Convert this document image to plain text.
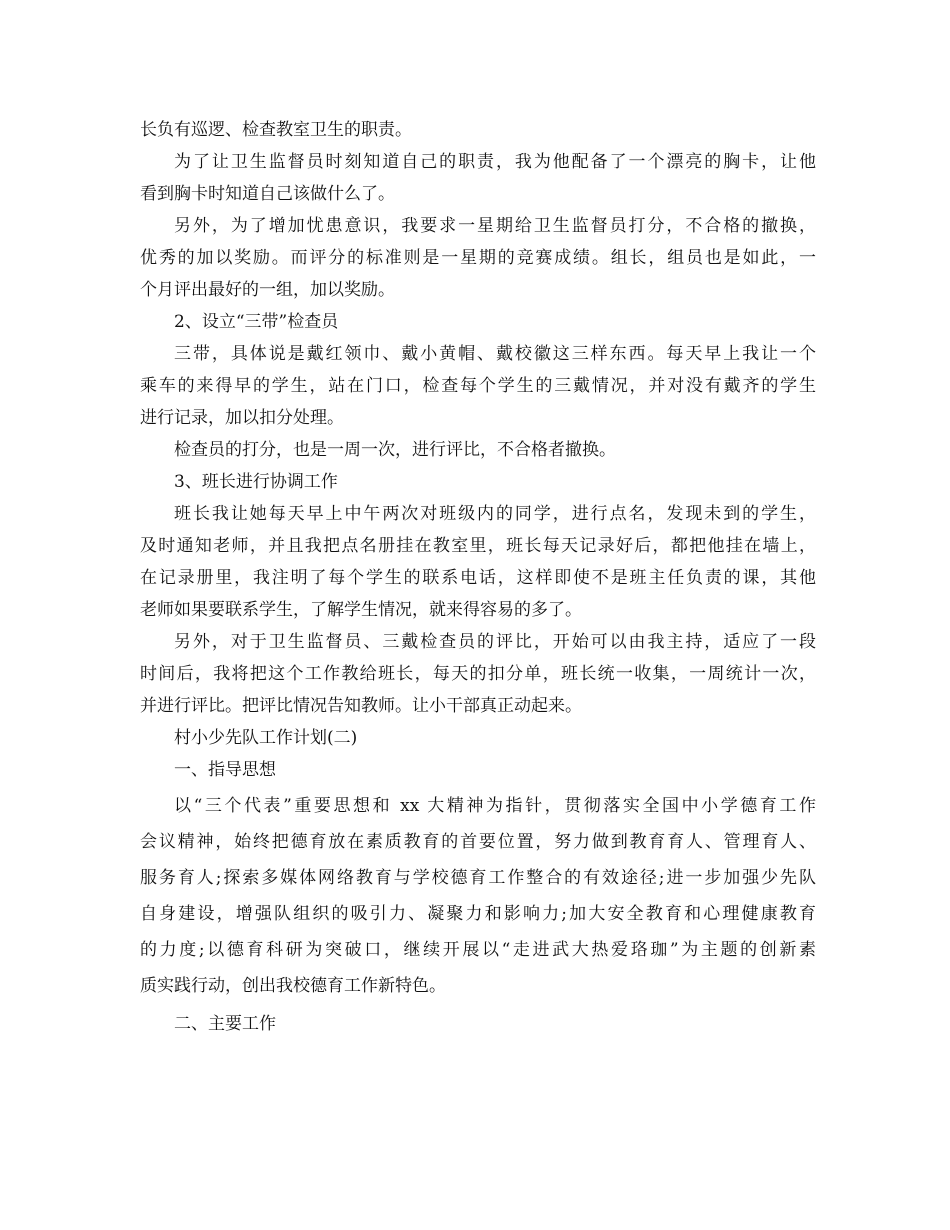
长负有巡逻、检查教室卫生的职责。
为了让卫生监督员时刻知道自己的职责，我为他配备了一个漂亮的胸卡，让他
看到胸卡时知道自己该做什么了。
另外，为了增加忧患意识，我要求一星期给卫生监督员打分，不合格的撤换，
优秀的加以奖励。而评分的标准则是一星期的竞赛成绩。组长，组员也是如此，一
个月评出最好的一组，加以奖励。
2、设立“三带”检查员
三带，具体说是戴红领巾、戴小黄帽、戴校徽这三样东西。每天早上我让一个
乘车的来得早的学生，站在门口，检查每个学生的三戴情况，并对没有戴齐的学生
进行记录，加以扣分处理。
检查员的打分，也是一周一次，进行评比，不合格者撤换。
3、班长进行协调工作
班长我让她每天早上中午两次对班级内的同学，进行点名，发现未到的学生，
及时通知老师，并且我把点名册挂在教室里，班长每天记录好后，都把他挂在墙上，
在记录册里，我注明了每个学生的联系电话，这样即使不是班主任负责的课，其他
老师如果要联系学生，了解学生情况，就来得容易的多了。
另外，对于卫生监督员、三戴检查员的评比，开始可以由我主持，适应了一段
时间后，我将把这个工作教给班长，每天的扣分单，班长统一收集，一周统计一次，
并进行评比。把评比情况告知教师。让小干部真正动起来。
村小少先队工作计划(二)
一、指导思想
以“三个代表”重要思想和 xx 大精神为指针，贯彻落实全国中小学德育工作
会议精神，始终把德育放在素质教育的首要位置，努力做到教育育人、管理育人、
服务育人;探索多媒体网络教育与学校德育工作整合的有效途径;进一步加强少先队
自身建设，增强队组织的吸引力、凝聚力和影响力;加大安全教育和心理健康教育
的力度;以德育科研为突破口，继续开展以“走进武大热爱珞珈”为主题的创新素
质实践行动，创出我校德育工作新特色。
二、主要工作
